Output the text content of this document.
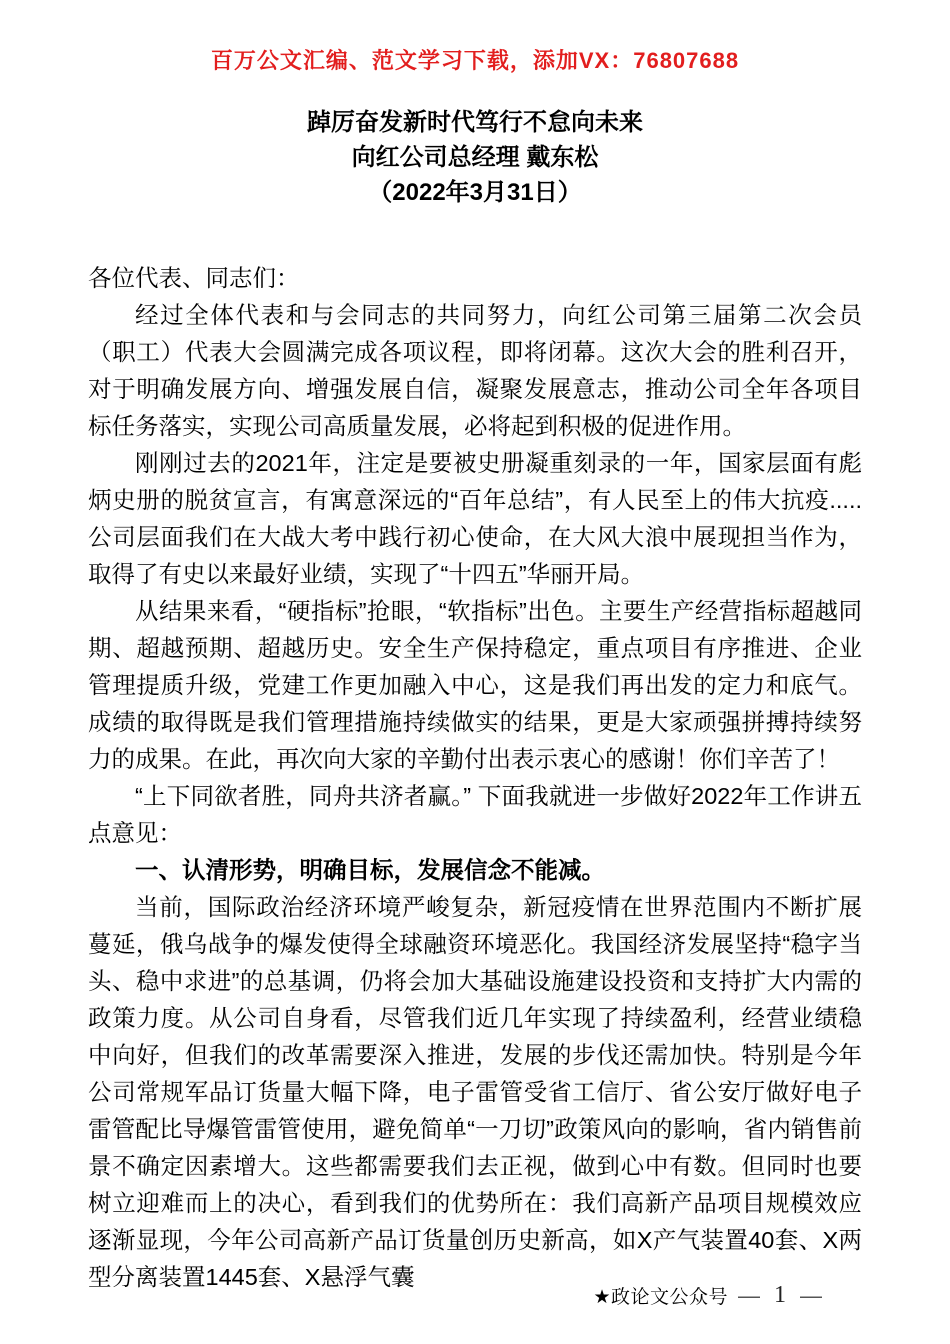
百万公文汇编、范文学习下载，添加VX：76807688
踔厉奋发新时代笃行不怠向未来
向红公司总经理 戴东松
（2022年3月31日）

各位代表、同志们：

经过全体代表和与会同志的共同努力，向红公司第三届第二次会员（职工）代表大会圆满完成各项议程，即将闭幕。这次大会的胜利召开，对于明确发展方向、增强发展自信，凝聚发展意志，推动公司全年各项目标任务落实，实现公司高质量发展，必将起到积极的促进作用。

刚刚过去的2021年，注定是要被史册凝重刻录的一年，国家层面有彪炳史册的脱贫宣言，有寓意深远的“百年总结”，有人民至上的伟大抗疫.....公司层面我们在大战大考中践行初心使命，在大风大浪中展现担当作为，取得了有史以来最好业绩，实现了“十四五”华丽开局。

从结果来看，“硬指标”抢眼，“软指标”出色。主要生产经营指标超越同期、超越预期、超越历史。安全生产保持稳定，重点项目有序推进、企业管理提质升级，党建工作更加融入中心，这是我们再出发的定力和底气。成绩的取得既是我们管理措施持续做实的结果，更是大家顽强拼搏持续努力的成果。在此，再次向大家的辛勤付出表示衷心的感谢！你们辛苦了！

“上下同欲者胜，同舟共济者赢。” 下面我就进一步做好2022年工作讲五点意见：

一、认清形势，明确目标，发展信念不能减。

当前，国际政治经济环境严峻复杂，新冠疫情在世界范围内不断扩展蔓延，俄乌战争的爆发使得全球融资环境恶化。我国经济发展坚持“稳字当头、稳中求进”的总基调，仍将会加大基础设施建设投资和支持扩大内需的政策力度。从公司自身看，尽管我们近几年实现了持续盈利，经营业绩稳中向好，但我们的改革需要深入推进，发展的步伐还需加快。特别是今年公司常规军品订货量大幅下降，电子雷管受省工信厅、省公安厅做好电子雷管配比导爆管雷管使用，避免简单“一刀切”政策风向的影响，省内销售前景不确定因素增大。这些都需要我们去正视，做到心中有数。但同时也要树立迎难而上的决心，看到我们的优势所在：我们高新产品项目规模效应逐渐显现，今年公司高新产品订货量创历史新高，如X产气装置40套、X两型分离装置1445套、X悬浮气囊

★政论文公众号 — 1 —
